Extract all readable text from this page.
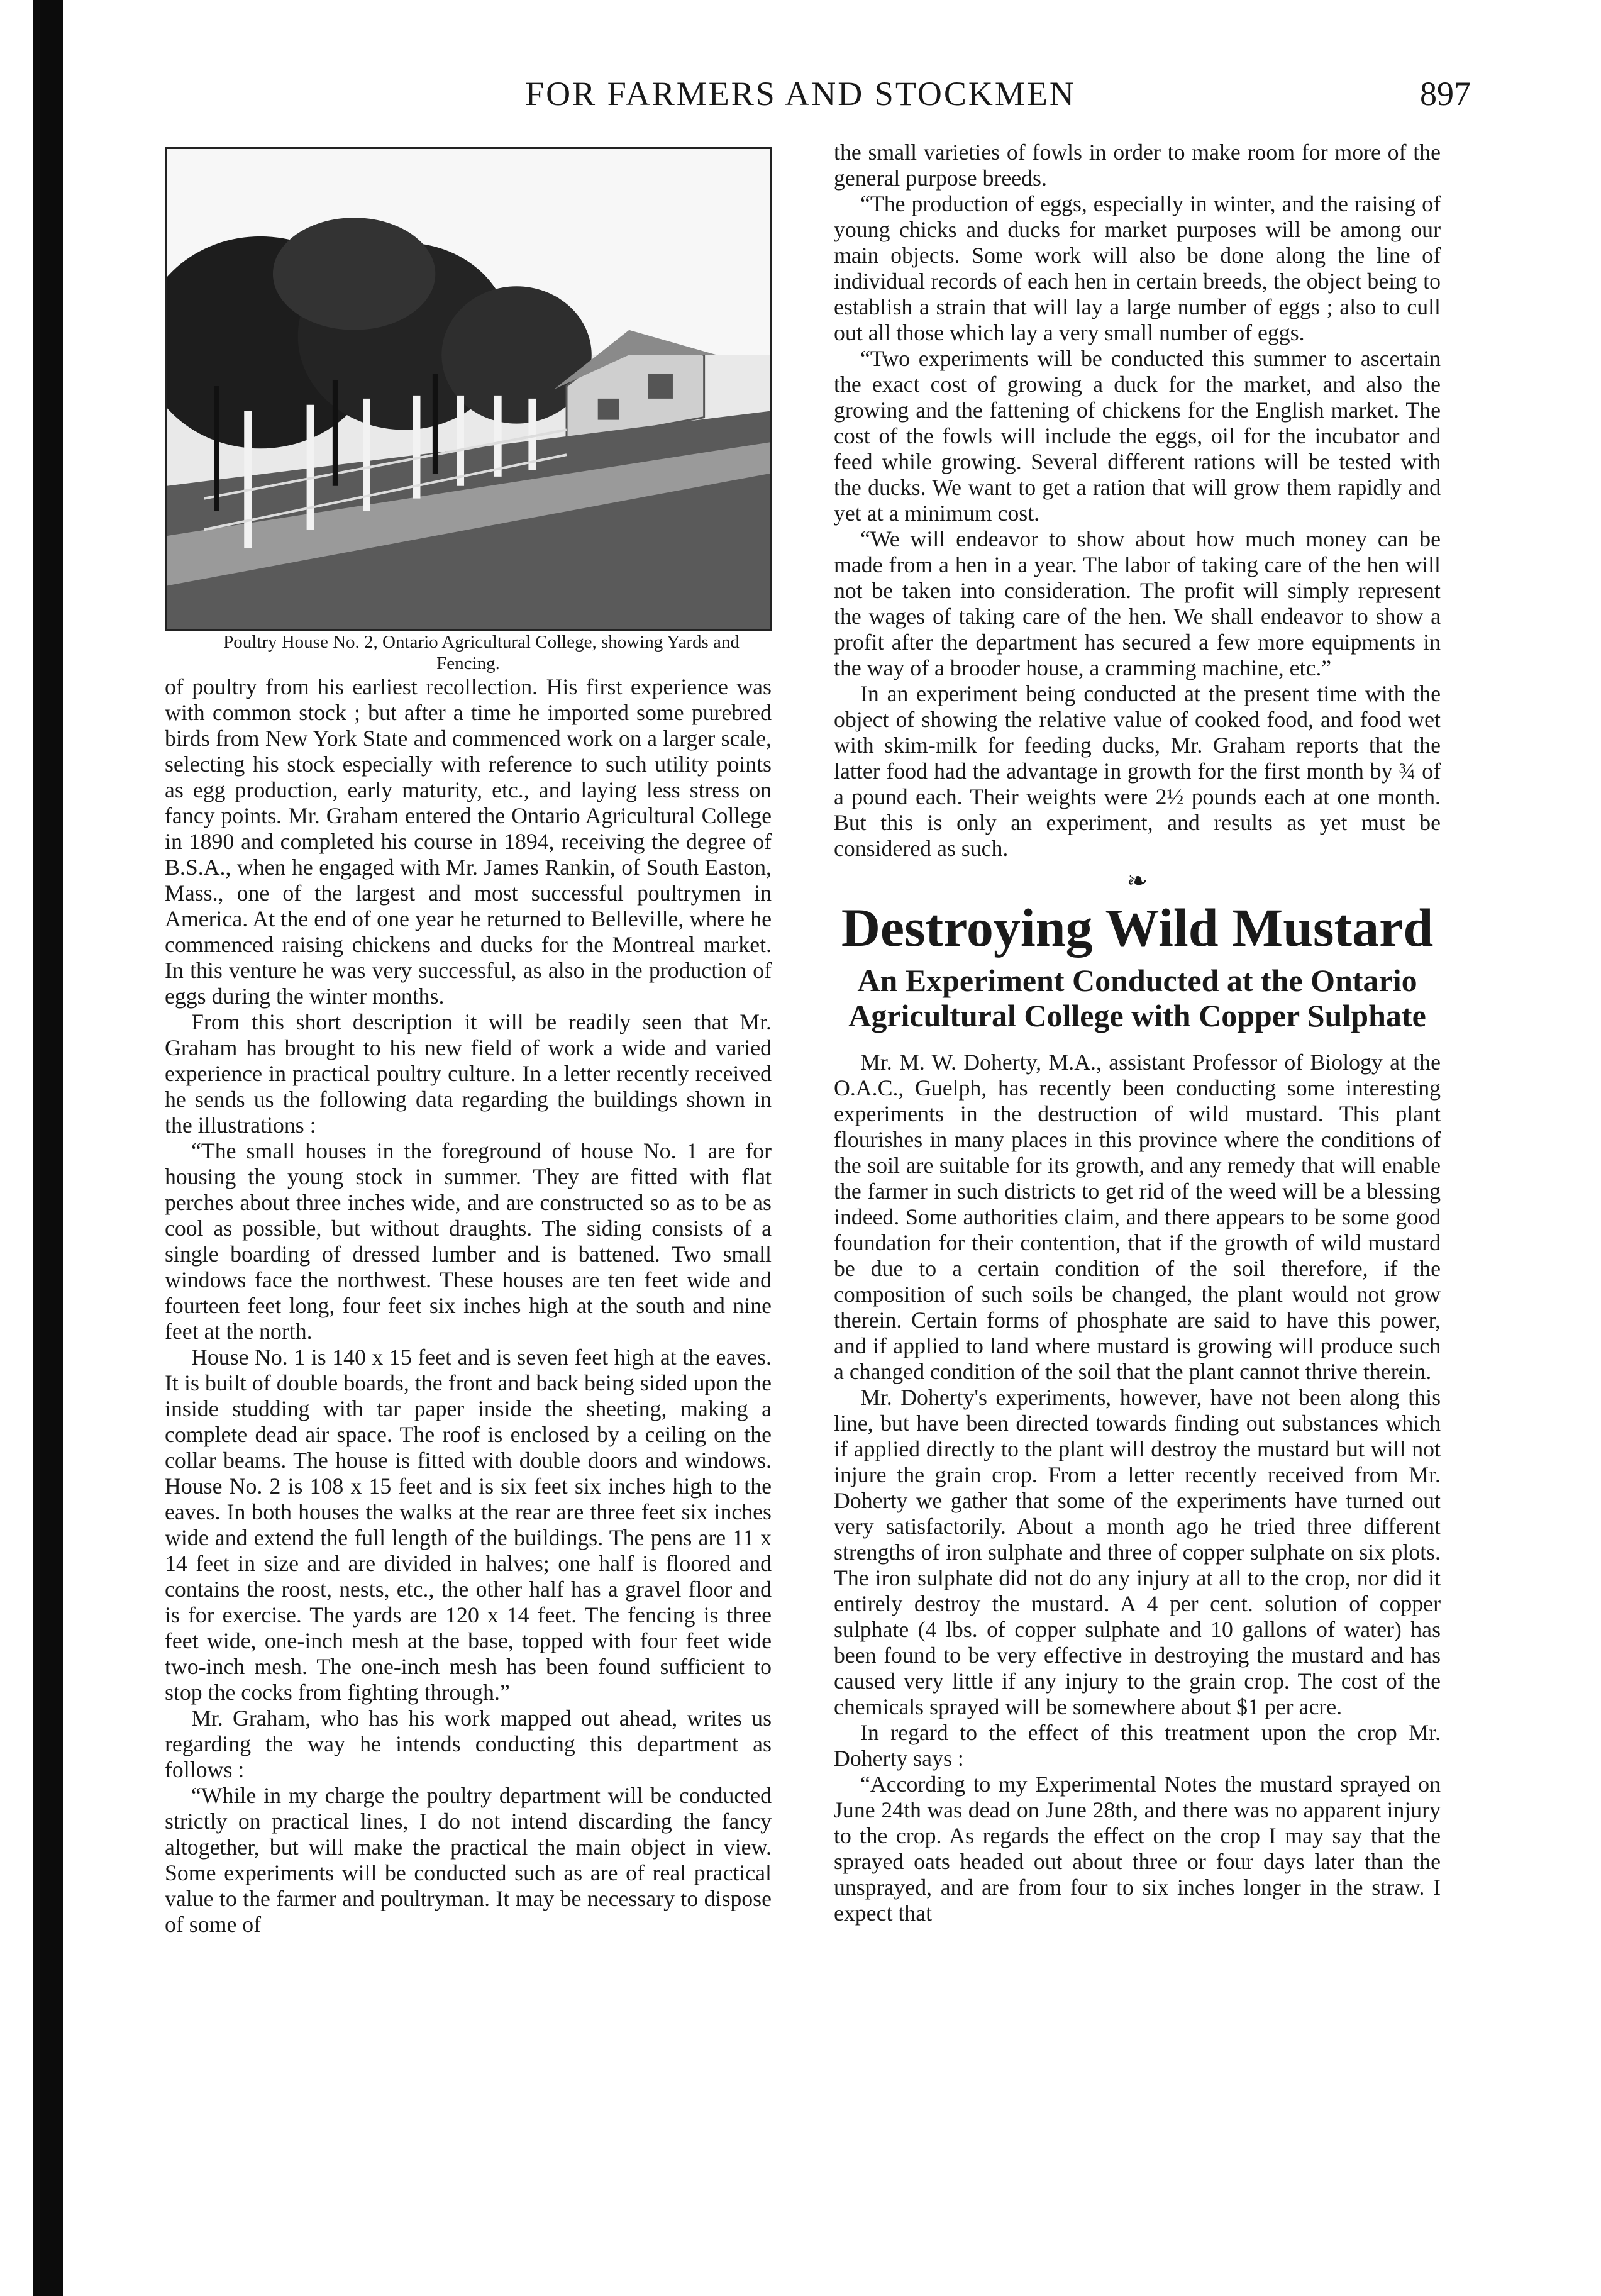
FOR FARMERS AND STOCKMEN	897

Poultry House No. 2, Ontario Agricultural College, showing Yards and Fencing.

of poultry from his earliest recollection. His first experience was with common stock ; but after a time he imported some purebred birds from New York State and commenced work on a larger scale, selecting his stock especially with reference to such utility points as egg production, early maturity, etc., and laying less stress on fancy points. Mr. Graham entered the Ontario Agricultural College in 1890 and completed his course in 1894, receiving the degree of B.S.A., when he engaged with Mr. James Rankin, of South Easton, Mass., one of the largest and most successful poultrymen in America. At the end of one year he returned to Belleville, where he commenced raising chickens and ducks for the Montreal market. In this venture he was very successful, as also in the production of eggs during the winter months.

From this short description it will be readily seen that Mr. Graham has brought to his new field of work a wide and varied experience in practical poultry culture. In a letter recently received he sends us the following data regarding the buildings shown in the illustrations :

“The small houses in the foreground of house No. 1 are for housing the young stock in summer. They are fitted with flat perches about three inches wide, and are constructed so as to be as cool as possible, but without draughts. The siding consists of a single boarding of dressed lumber and is battened. Two small windows face the northwest. These houses are ten feet wide and fourteen feet long, four feet six inches high at the south and nine feet at the north.

House No. 1 is 140 x 15 feet and is seven feet high at the eaves. It is built of double boards, the front and back being sided upon the inside studding with tar paper inside the sheeting, making a complete dead air space. The roof is enclosed by a ceiling on the collar beams. The house is fitted with double doors and windows. House No. 2 is 108 x 15 feet and is six feet six inches high to the eaves. In both houses the walks at the rear are three feet six inches wide and extend the full length of the buildings. The pens are 11 x 14 feet in size and are divided in halves; one half is floored and contains the roost, nests, etc., the other half has a gravel floor and is for exercise. The yards are 120 x 14 feet. The fencing is three feet wide, one-inch mesh at the base, topped with four feet wide two-inch mesh. The one-inch mesh has been found sufficient to stop the cocks from fighting through.”

Mr. Graham, who has his work mapped out ahead, writes us regarding the way he intends conducting this department as follows :

“While in my charge the poultry department will be conducted strictly on practical lines, I do not intend discarding the fancy altogether, but will make the practical the main object in view. Some experiments will be conducted such as are of real practical value to the farmer and poultryman. It may be necessary to dispose of some of

the small varieties of fowls in order to make room for more of the general purpose breeds.

“The production of eggs, especially in winter, and the raising of young chicks and ducks for market purposes will be among our main objects. Some work will also be done along the line of individual records of each hen in certain breeds, the object being to establish a strain that will lay a large number of eggs ; also to cull out all those which lay a very small number of eggs.

“Two experiments will be conducted this summer to ascertain the exact cost of growing a duck for the market, and also the growing and the fattening of chickens for the English market. The cost of the fowls will include the eggs, oil for the incubator and feed while growing. Several different rations will be tested with the ducks. We want to get a ration that will grow them rapidly and yet at a minimum cost.

“We will endeavor to show about how much money can be made from a hen in a year. The labor of taking care of the hen will not be taken into consideration. The profit will simply represent the wages of taking care of the hen. We shall endeavor to show a profit after the department has secured a few more equipments in the way of a brooder house, a cramming machine, etc.”

In an experiment being conducted at the present time with the object of showing the relative value of cooked food, and food wet with skim-milk for feeding ducks, Mr. Graham reports that the latter food had the advantage in growth for the first month by ¾ of a pound each. Their weights were 2½ pounds each at one month. But this is only an experiment, and results as yet must be considered as such.

❧
Destroying Wild Mustard
An Experiment Conducted at the Ontario Agricultural College with Copper Sulphate

Mr. M. W. Doherty, M.A., assistant Professor of Biology at the O.A.C., Guelph, has recently been conducting some interesting experiments in the destruction of wild mustard. This plant flourishes in many places in this province where the conditions of the soil are suitable for its growth, and any remedy that will enable the farmer in such districts to get rid of the weed will be a blessing indeed. Some authorities claim, and there appears to be some good foundation for their contention, that if the growth of wild mustard be due to a certain condition of the soil therefore, if the composition of such soils be changed, the plant would not grow therein. Certain forms of phosphate are said to have this power, and if applied to land where mustard is growing will produce such a changed condition of the soil that the plant cannot thrive therein.

Mr. Doherty's experiments, however, have not been along this line, but have been directed towards finding out substances which if applied directly to the plant will destroy the mustard but will not injure the grain crop. From a letter recently received from Mr. Doherty we gather that some of the experiments have turned out very satisfactorily. About a month ago he tried three different strengths of iron sulphate and three of copper sulphate on six plots. The iron sulphate did not do any injury at all to the crop, nor did it entirely destroy the mustard. A 4 per cent. solution of copper sulphate (4 lbs. of copper sulphate and 10 gallons of water) has been found to be very effective in destroying the mustard and has caused very little if any injury to the grain crop. The cost of the chemicals sprayed will be somewhere about $1 per acre.

In regard to the effect of this treatment upon the crop Mr. Doherty says :

“According to my Experimental Notes the mustard sprayed on June 24th was dead on June 28th, and there was no apparent injury to the crop. As regards the effect on the crop I may say that the sprayed oats headed out about three or four days later than the unsprayed, and are from four to six inches longer in the straw. I expect that
